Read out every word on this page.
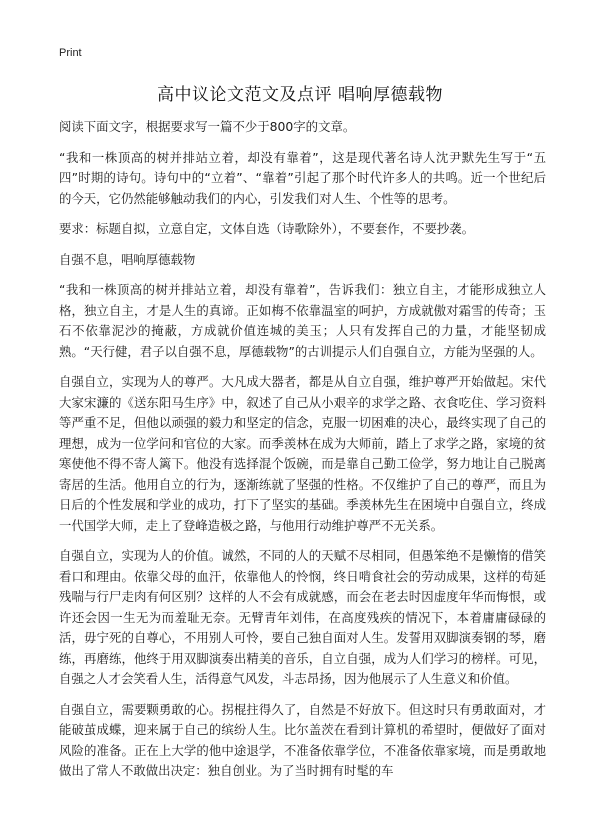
Print
高中议论文范文及点评 唱响厚德载物

阅读下面文字，根据要求写一篇不少于800字的文章。

“我和一株顶高的树并排站立着，却没有靠着”，这是现代著名诗人沈尹默先生写于“五四”时期的诗句。诗句中的“立着”、“靠着”引起了那个时代许多人的共鸣。近一个世纪后的今天，它仍然能够触动我们的内心，引发我们对人生、个性等的思考。

要求：标题自拟，立意自定，文体自选（诗歌除外），不要套作，不要抄袭。

自强不息，唱响厚德载物

“我和一株顶高的树并排站立着，却没有靠着”，告诉我们：独立自主，才能形成独立人格，独立自主，才是人生的真谛。正如梅不依靠温室的呵护，方成就傲对霜雪的传奇；玉石不依靠泥沙的掩蔽，方成就价值连城的美玉；人只有发挥自己的力量，才能坚韧成熟。“天行健，君子以自强不息，厚德载物”的古训提示人们自强自立，方能为坚强的人。

自强自立，实现为人的尊严。大凡成大器者，都是从自立自强，维护尊严开始做起。宋代大家宋濂的《送东阳马生序》中，叙述了自己从小艰辛的求学之路、衣食吃住、学习资料等严重不足，但他以顽强的毅力和坚定的信念，克服一切困难的决心，最终实现了自己的理想，成为一位学问和官位的大家。而季羡林在成为大师前，踏上了求学之路，家境的贫寒使他不得不寄人篱下。他没有选择混个饭碗，而是靠自己勤工俭学，努力地让自己脱离寄居的生活。他用自立的行为，逐渐练就了坚强的性格。不仅维护了自己的尊严，而且为日后的个性发展和学业的成功，打下了坚实的基础。季羡林先生在困境中自强自立，终成一代国学大师，走上了登峰造极之路，与他用行动维护尊严不无关系。

自强自立，实现为人的价值。诚然，不同的人的天赋不尽相同，但愚笨绝不是懒惰的借笑看口和理由。依靠父母的血汗，依靠他人的怜悯，终日啃食社会的劳动成果，这样的苟延残喘与行尸走肉有何区别？这样的人不会有成就感，而会在老去时因虚度年华而悔恨，或许还会因一生无为而羞耻无奈。无臂青年刘伟，在高度残疾的情况下，本着庸庸碌碌的活，毋宁死的自尊心，不用别人可怜，要自己独自面对人生。发誓用双脚演奏钢的琴，磨练，再磨练，他终于用双脚演奏出精美的音乐，自立自强，成为人们学习的榜样。可见，自强之人才会笑看人生，活得意气风发，斗志昂扬，因为他展示了人生意义和价值。

自强自立，需要颗勇敢的心。拐棍拄得久了，自然是不好放下。但这时只有勇敢面对，才能破茧成蝶，迎来属于自己的缤纷人生。比尔盖茨在看到计算机的希望时，便做好了面对风险的准备。正在上大学的他中途退学，不准备依靠学位，不准备依靠家境，而是勇敢地做出了常人不敢做出决定：独自创业。为了当时拥有时髦的车
